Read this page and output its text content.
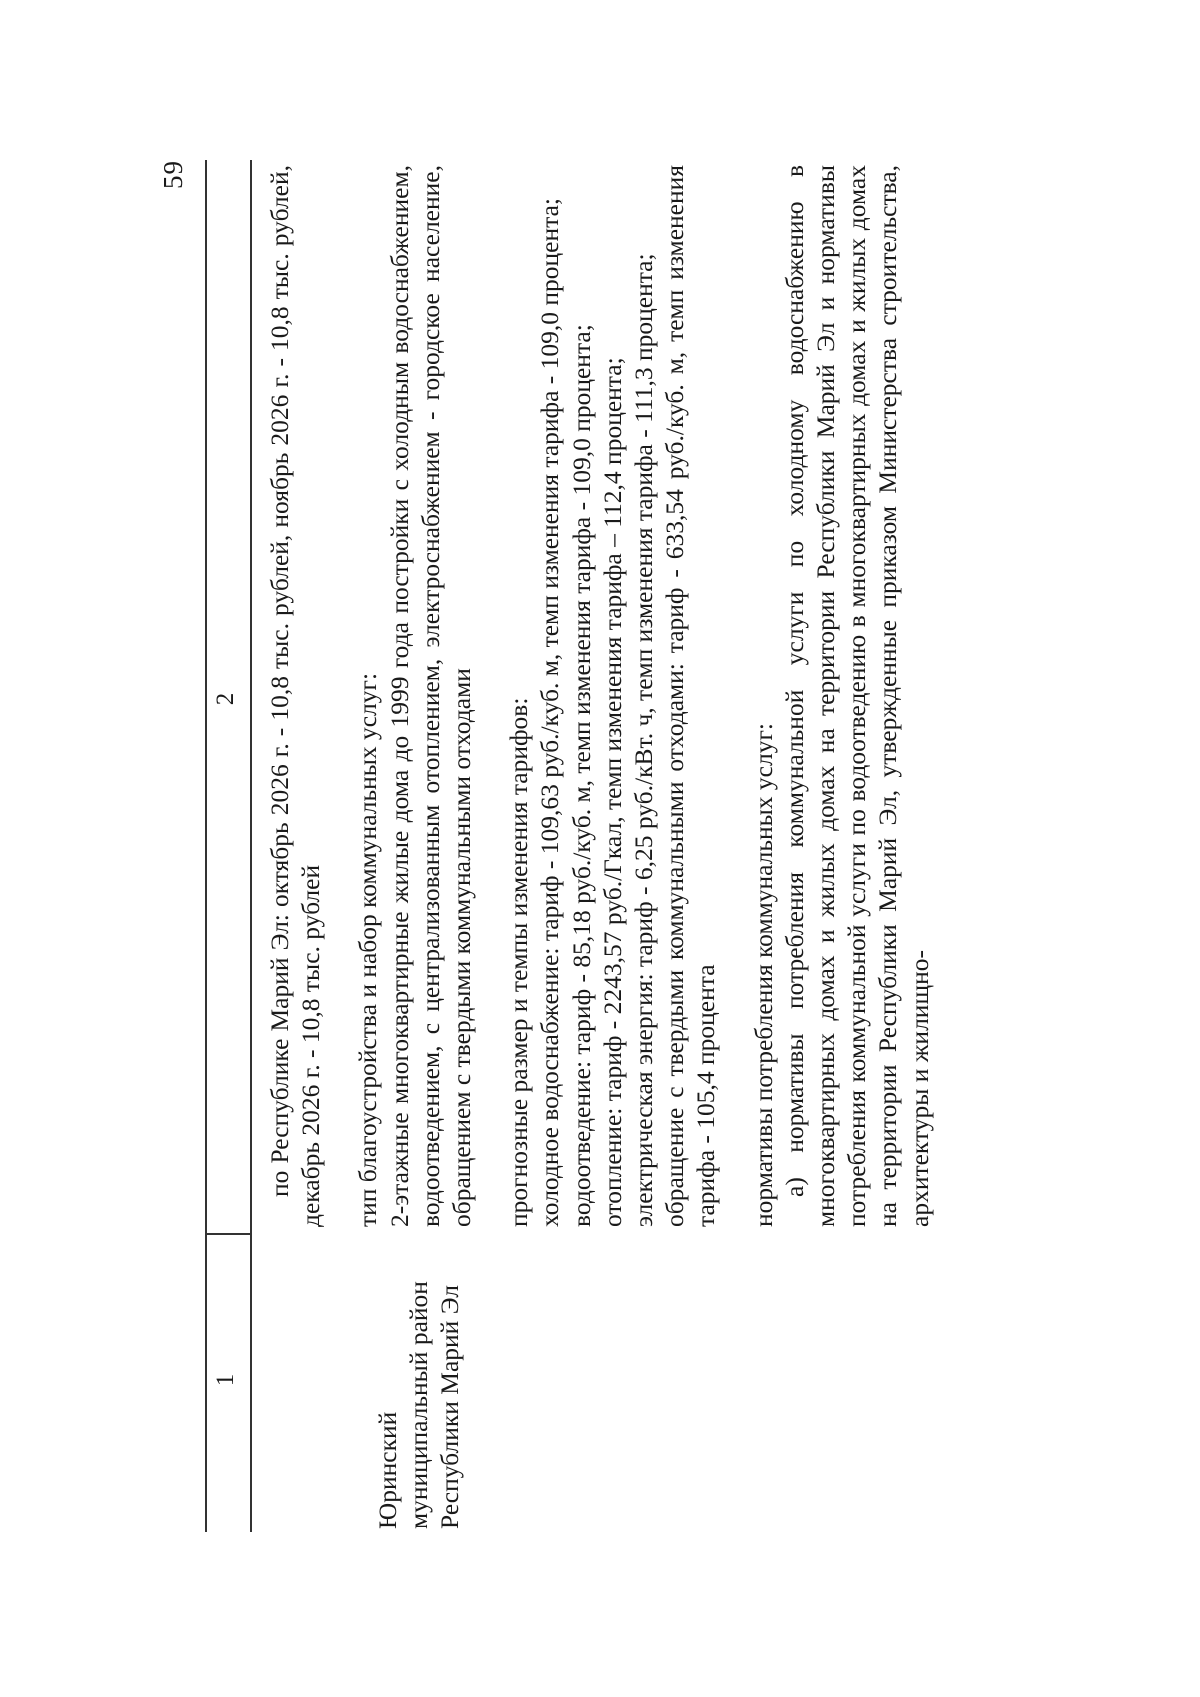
59
1
2
Юринский муниципальный район Республики Марий Эл

по Республике Марий Эл: октябрь 2026 г. - 10,8 тыс. рублей, ноябрь 2026 г. - 10,8 тыс. рублей, декабрь 2026 г. - 10,8 тыс. рублей тип благоустройства и набор коммунальных услуг: 2-этажные многоквартирные жилые дома до 1999 года постройки с холодным водоснабжением, водоотведением, с централизованным отоплением, электроснабжением - городское население, обращением с твердыми коммунальными отходами прогнозные размер и темпы изменения тарифов: холодное водоснабжение: тариф - 109,63 руб./куб. м, темп изменения тарифа - 109,0 процента; водоотведение: тариф - 85,18 руб./куб. м, темп изменения тарифа - 109,0 процента; отопление: тариф - 2243,57 руб./Гкал, темп изменения тарифа – 112,4 процента; электрическая энергия: тариф - 6,25 руб./кВт. ч, темп изменения тарифа - 111,3 процента; обращение с твердыми коммунальными отходами: тариф - 633,54 руб./куб. м, темп изменения тарифа - 105,4 процента нормативы потребления коммунальных услуг: а) нормативы потребления коммунальной услуги по холодному водоснабжению в многоквартирных домах и жилых домах на территории Республики Марий Эл и нормативы потребления коммунальной услуги по водоотведению в многоквартирных домах и жилых домах на территории Республики Марий Эл, утвержденные приказом Министерства строительства, архитектуры и жилищно-
